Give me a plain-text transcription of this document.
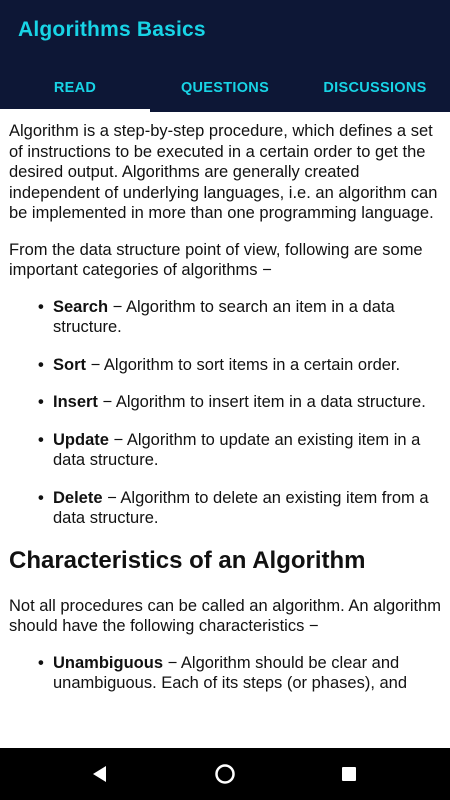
Algorithms Basics
READ	QUESTIONS	DISCUSSIONS

Algorithm is a step-by-step procedure, which defines a set of instructions to be executed in a certain order to get the desired output. Algorithms are generally created independent of underlying languages, i.e. an algorithm can be implemented in more than one programming language.

From the data structure point of view, following are some important categories of algorithms −

• Search − Algorithm to search an item in a data structure.
• Sort − Algorithm to sort items in a certain order.
• Insert − Algorithm to insert item in a data structure.
• Update − Algorithm to update an existing item in a data structure.
• Delete − Algorithm to delete an existing item from a data structure.
Characteristics of an Algorithm

Not all procedures can be called an algorithm. An algorithm should have the following characteristics −

• Unambiguous − Algorithm should be clear and unambiguous. Each of its steps (or phases), and
